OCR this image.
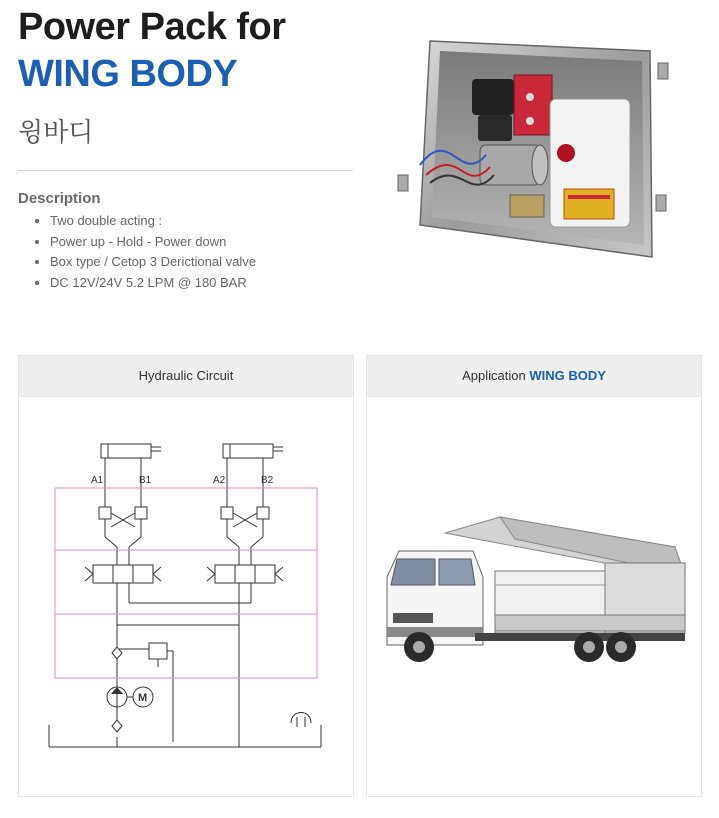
Power Pack for
WING BODY
윙바디
Description
• Two double acting :
• Power up - Hold - Power down
• Box type / Cetop 3 Derictional valve
• DC 12V/24V 5.2 LPM @ 180 BAR
Hydraulic Circuit
A1	B1	A2	B2
M
Application WING BODY
